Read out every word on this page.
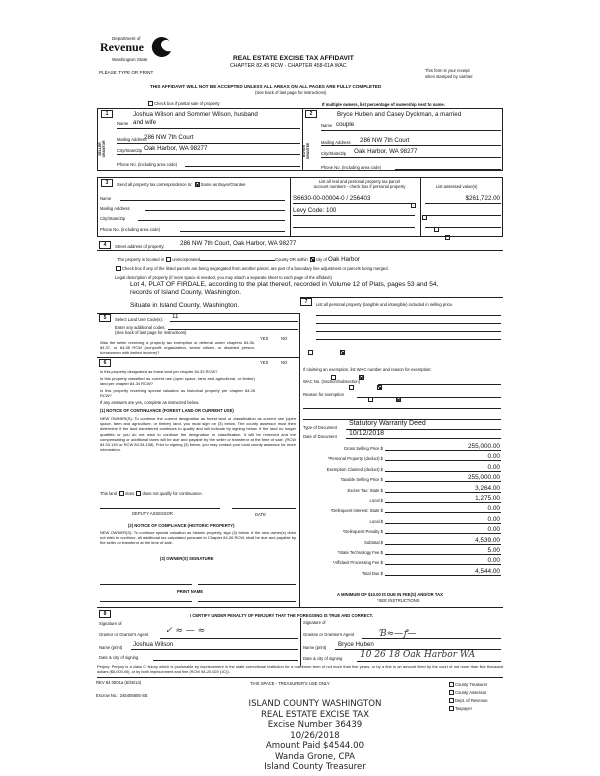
Department of
Revenue
Washington State
PLEASE TYPE OR PRINT
REAL ESTATE EXCISE TAX AFFIDAVIT
CHAPTER 82.45 RCW - CHAPTER 458-61A WAC
This form is your receipt
when stamped by cashier.
THIS AFFIDAVIT WILL NOT BE ACCEPTED UNLESS ALL AREAS ON ALL PAGES ARE FULLY COMPLETED
(See back of last page for instructions)
Check box if partial sale of property	If multiple owners, list percentage of ownership next to name.
1
SELLER GRANTOR
Joshua Wilson and Sommer Wilson, husband
Name and wife
Mailing Address
286 NW 7th Court
City/State/Zip Oak Harbor, WA 98277
Phone No. (including area code)
2
BUYER GRANTEE
Bryce Huben and Casey Dyckman, a married
Name couple
Mailing Address 286 NW 7th Court
City/State/Zip Oak Harbor, WA 98277
Phone No. (including area code)
3	Send all property tax correspondence to: Same as Buyer/Grantee
Name
Mailing Address
City/State/Zip
Phone No. (including area code)
List all real and personal property tax parcel
account numbers - check box if personal property	List assessed value(s)
S6630-00-00004-0 / 256403
	$261,722.00
Levy Code: 100

4	Street address of property: 286 NW 7th Court, Oak Harbor, WA 98277
The property is located in unincorporated	County OR within city of Oak Harbor
Check box if any of the listed parcels are being segregated from another parcel, are part of a boundary line adjustment or parcels being merged.
Legal description of property (if more space is needed, you may attach a separate sheet to each page of the affidavit)
Lot 4, PLAT OF FIRDALE, according to the plat thereof, recorded in Volume 12 of Plats, pages 53 and 54,
records of Island County, Washington.
Situate in Island County, Washington.
5	Select Land Use Code(s): 11
Enter any additional codes:
(See back of last page for instructions)
YES	NO
Was the seller receiving a property tax exemption or deferral under chapters 84.36, 84.37, or 84.38 RCW (nonprofit organization, senior citizen, or disabled person, homeowner with limited income)?

6	YES	NO
Is this property designated as forest land per chapter 84.33 RCW?

Is this property classified as current use (open space, farm and agricultural, or timber) land per chapter 84.34 RCW?

Is this property receiving special valuation as historical property per chapter 84.26 RCW?
If any answers are yes, complete as instructed below.
(1) NOTICE OF CONTINUANCE (FOREST LAND OR CURRENT USE)
NEW OWNER(S): To continue the current designation as forest land or classification as current use (open space, farm and agriculture, or timber) land, you must sign on (3) below. The county assessor must then determine if the land transferred continues to qualify and will indicate by signing below. If the land no longer qualifies or you do not wish to continue the designation or classification, it will be removed and the compensating or additional taxes will be due and payable by the seller or transferor at the time of sale. (RCW 84.33.140 or RCW 84.34.108). Prior to signing (3) below, you may contact your local county assessor for more information.
This land does does not qualify for continuance.
DEPUTY ASSESSOR	DATE
(2) NOTICE OF COMPLIANCE (HISTORIC PROPERTY)
NEW OWNER(S): To continue special valuation as historic property, sign (3) below. If the new owner(s) does not wish to continue, all additional tax calculated pursuant to Chapter 84.26 RCW, shall be due and payable by the seller or transferor at the time of sale.
(3) OWNER(S) SIGNATURE
PRINT NAME
7	List all personal property (tangible and intangible) included in selling price.
If claiming an exemption, list WAC number and reason for exemption:
WAC No. (Section/Subsection)
Reason for exemption
Type of Document
Statutory Warranty Deed
Date of Document 10/12/2018
Gross Selling Price $	255,000.00
*Personal Property (deduct) $	0.00
Exemption Claimed (deduct) $	0.00
Taxable Selling Price $	255,000.00
Excise Tax: State $	3,264.00
Local $	1,275.00
*Delinquent Interest: State $	0.00
Local $	0.00
*Delinquent Penalty $	0.00
Subtotal $	4,539.00
*State Technology Fee $	5.00
*Affidavit Processing Fee $	0.00
Total Due $	4,544.00
A MINIMUM OF $10.00 IS DUE IN FEE(S) AND/OR TAX
*SEE INSTRUCTIONS
8	I CERTIFY UNDER PENALTY OF PERJURY THAT THE FOREGOING IS TRUE AND CORRECT.
Signature of
Grantor or Grantor's Agent ✓ ≈ — ≈
Name (print) Joshua Wilson
Date & city of signing
Signature of
Grantee or Grantee's Agent	Ɓ≈—ꝭ—
Name (print) Bryce Huben
Date & city of signing 10 26 18 Oak Harbor WA
Perjury: Perjury is a class C felony which is punishable by imprisonment in the state correctional institution for a maximum term of not more than five years, or by a fine in an amount fixed by the court of not more than five thousand dollars ($5,000.00), or by both imprisonment and fine (RCW 9A.20.020 (1C)).
REV 84 0001a (6/26/14)	THIS SPACE - TREASURER'S USE ONLY
Escrow No.: 245405605-SE
County Treasurer
County Assessor
Dept. of Revenue
Taxpayer
ISLAND COUNTY WASHINGTON
REAL ESTATE EXCISE TAX
Excise Number 36439
10/26/2018
Amount Paid $4544.00
Wanda Grone, CPA
Island County Treasurer
